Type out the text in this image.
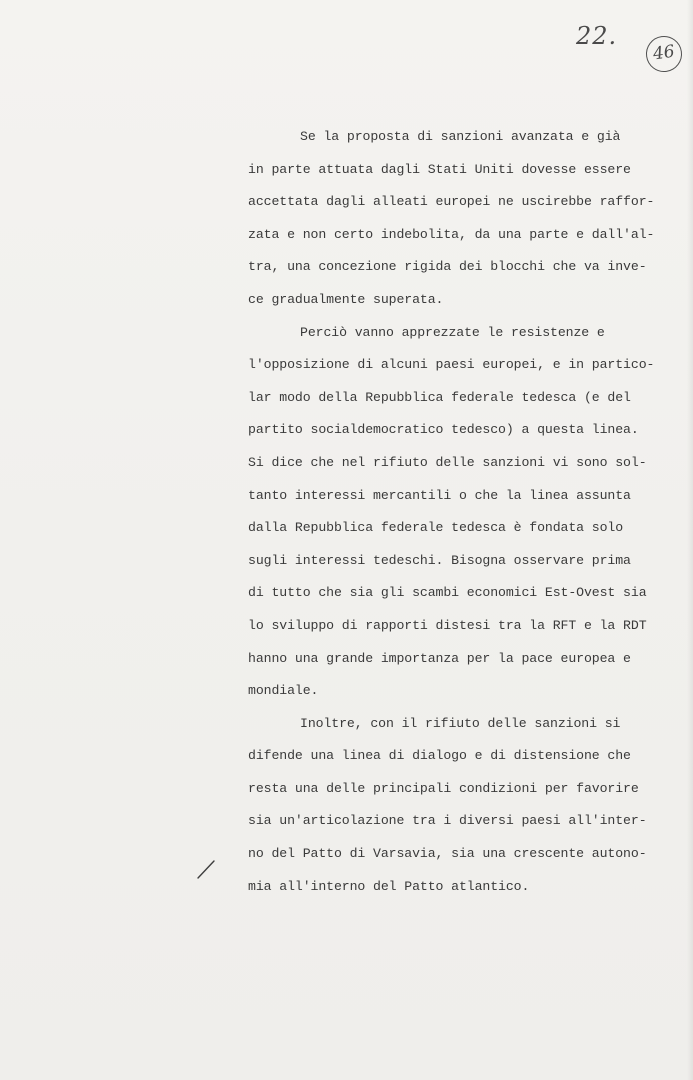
22.
46
Se la proposta di sanzioni avanzata e già
in parte attuata dagli Stati Uniti dovesse essere
accettata dagli alleati europei ne uscirebbe raffor-
zata e non certo indebolita, da una parte e dall'al-
tra, una concezione rigida dei blocchi che va inve-
ce gradualmente superata.
Perciò vanno apprezzate le resistenze e
l'opposizione di alcuni paesi europei, e in partico-
lar modo della Repubblica federale tedesca (e del
partito socialdemocratico tedesco) a questa linea.
Si dice che nel rifiuto delle sanzioni vi sono sol-
tanto interessi mercantili o che la linea assunta
dalla Repubblica federale tedesca è fondata solo
sugli interessi tedeschi. Bisogna osservare prima
di tutto che sia gli scambi economici Est-Ovest sia
lo sviluppo di rapporti distesi tra la RFT e la RDT
hanno una grande importanza per la pace europea e
mondiale.
Inoltre, con il rifiuto delle sanzioni si
difende una linea di dialogo e di distensione che
resta una delle principali condizioni per favorire
sia un'articolazione tra i diversi paesi all'inter-
no del Patto di Varsavia, sia una crescente autono-
mia all'interno del Patto atlantico.
